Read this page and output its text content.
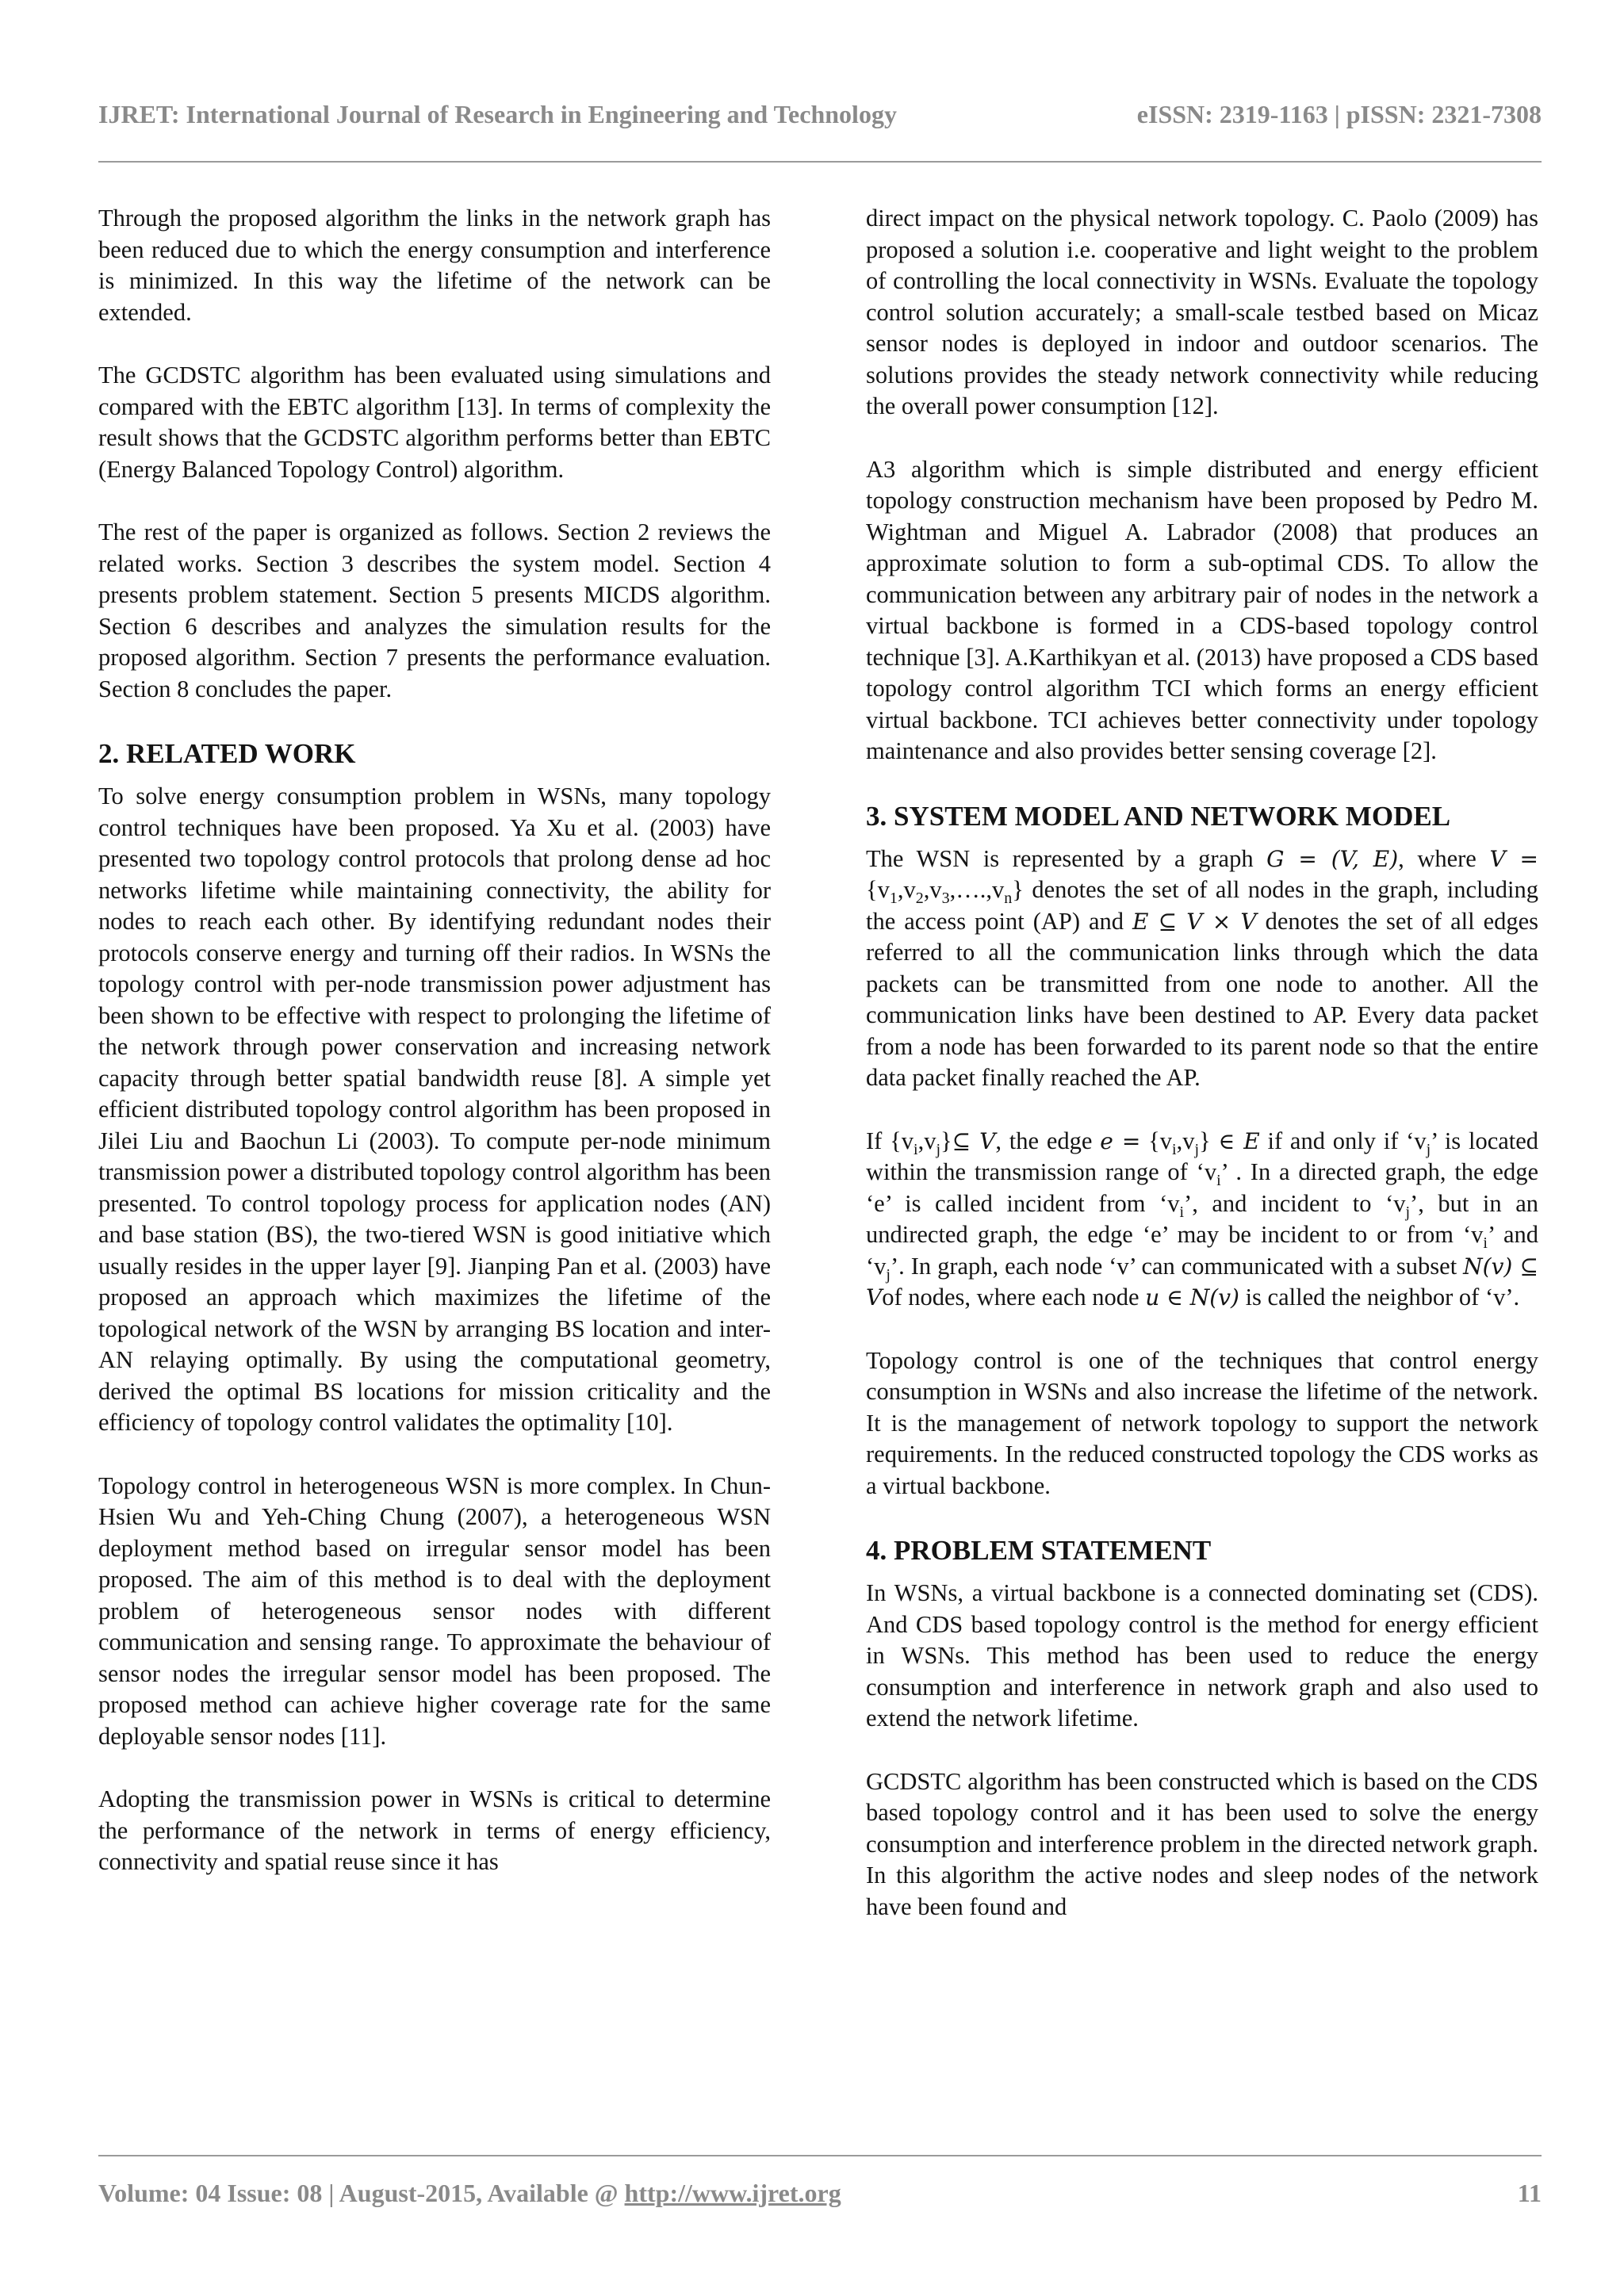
IJRET: International Journal of Research in Engineering and Technology	eISSN: 2319-1163 | pISSN: 2321-7308

Through the proposed algorithm the links in the network graph has been reduced due to which the energy consumption and interference is minimized. In this way the lifetime of the network can be extended.

The GCDSTC algorithm has been evaluated using simulations and compared with the EBTC algorithm [13]. In terms of complexity the result shows that the GCDSTC algorithm performs better than EBTC (Energy Balanced Topology Control) algorithm.

The rest of the paper is organized as follows. Section 2 reviews the related works. Section 3 describes the system model. Section 4 presents problem statement. Section 5 presents MICDS algorithm. Section 6 describes and analyzes the simulation results for the proposed algorithm. Section 7 presents the performance evaluation. Section 8 concludes the paper.

2. RELATED WORK

To solve energy consumption problem in WSNs, many topology control techniques have been proposed. Ya Xu et al. (2003) have presented two topology control protocols that prolong dense ad hoc networks lifetime while maintaining connectivity, the ability for nodes to reach each other. By identifying redundant nodes their protocols conserve energy and turning off their radios. In WSNs the topology control with per-node transmission power adjustment has been shown to be effective with respect to prolonging the lifetime of the network through power conservation and increasing network capacity through better spatial bandwidth reuse [8]. A simple yet efficient distributed topology control algorithm has been proposed in Jilei Liu and Baochun Li (2003). To compute per-node minimum transmission power a distributed topology control algorithm has been presented. To control topology process for application nodes (AN) and base station (BS), the two-tiered WSN is good initiative which usually resides in the upper layer [9]. Jianping Pan et al. (2003) have proposed an approach which maximizes the lifetime of the topological network of the WSN by arranging BS location and inter-AN relaying optimally. By using the computational geometry, derived the optimal BS locations for mission criticality and the efficiency of topology control validates the optimality [10].

Topology control in heterogeneous WSN is more complex. In Chun-Hsien Wu and Yeh-Ching Chung (2007), a heterogeneous WSN deployment method based on irregular sensor model has been proposed. The aim of this method is to deal with the deployment problem of heterogeneous sensor nodes with different communication and sensing range. To approximate the behaviour of sensor nodes the irregular sensor model has been proposed. The proposed method can achieve higher coverage rate for the same deployable sensor nodes [11].

Adopting the transmission power in WSNs is critical to determine the performance of the network in terms of energy efficiency, connectivity and spatial reuse since it has

direct impact on the physical network topology. C. Paolo (2009) has proposed a solution i.e. cooperative and light weight to the problem of controlling the local connectivity in WSNs. Evaluate the topology control solution accurately; a small-scale testbed based on Micaz sensor nodes is deployed in indoor and outdoor scenarios. The solutions provides the steady network connectivity while reducing the overall power consumption [12].

A3 algorithm which is simple distributed and energy efficient topology construction mechanism have been proposed by Pedro M. Wightman and Miguel A. Labrador (2008) that produces an approximate solution to form a sub-optimal CDS. To allow the communication between any arbitrary pair of nodes in the network a virtual backbone is formed in a CDS-based topology control technique [3]. A.Karthikyan et al. (2013) have proposed a CDS based topology control algorithm TCI which forms an energy efficient virtual backbone. TCI achieves better connectivity under topology maintenance and also provides better sensing coverage [2].

3. SYSTEM MODEL AND NETWORK MODEL

The WSN is represented by a graph G = (V, E), where $V = \{v_1,v_2,v_3,\dots.,v_n\}$ denotes the set of all nodes in the graph, including the access point (AP) and E ⊆ V × V denotes the set of all edges referred to all the communication links through which the data packets can be transmitted from one node to another. All the communication links have been destined to AP. Every data packet from a node has been forwarded to its parent node so that the entire data packet finally reached the AP.

If $\{v_i,v_j\}⊆$ V, the edge $e = \{v_i,v_j\}$ ∈ E if and only if ‘$v_j$’ is located within the transmission range of ‘$v_i$’ . In a directed graph, the edge ‘e’ is called incident from ‘$v_i$’, and incident to ‘$v_j$’, but in an undirected graph, the edge ‘e’ may be incident to or from ‘$v_i$’ and ‘$v_j$’. In graph, each node ‘v’ can communicated with a subset N(v) ⊆ Vof nodes, where each node u ∈ N(v) is called the neighbor of ‘v’.

Topology control is one of the techniques that control energy consumption in WSNs and also increase the lifetime of the network. It is the management of network topology to support the network requirements. In the reduced constructed topology the CDS works as a virtual backbone.

4. PROBLEM STATEMENT

In WSNs, a virtual backbone is a connected dominating set (CDS). And CDS based topology control is the method for energy efficient in WSNs. This method has been used to reduce the energy consumption and interference in network graph and also used to extend the network lifetime.

GCDSTC algorithm has been constructed which is based on the CDS based topology control and it has been used to solve the energy consumption and interference problem in the directed network graph. In this algorithm the active nodes and sleep nodes of the network have been found and

Volume: 04 Issue: 08 | August-2015, Available @ http://www.ijret.org	11
